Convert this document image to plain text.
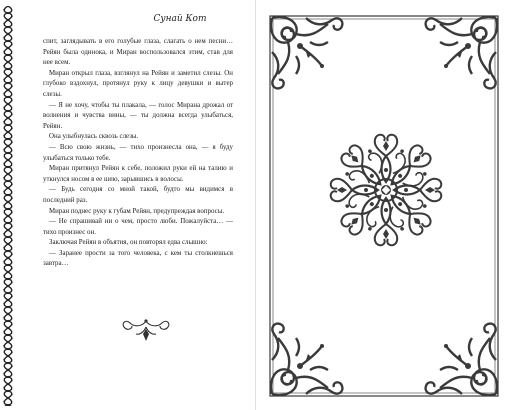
Сунай Кот

спит, заглядывать в его голубые глаза, слагать о нем песни… Рейян была одинока, и Миран воспользовался этим, став для нее всем.

Миран открыл глаза, взглянул на Рейян и заметил слезы. Он глубоко вздохнул, протянул руку к лицу девушки и вытер слезы.

— Я не хочу, чтобы ты плакала, — голос Мирана дрожал от волнения и чувства вины, — ты должна всегда улыбаться, Рейян.

Она улыбнулась сквозь слезы.

— Всю свою жизнь, — тихо произнесла она, — я буду улыбаться только тебе.

Миран притянул Рейян к себе, положил руки ей на талию и уткнулся носом в ее шею, зарывшись в волосы.

— Будь сегодня со мной такой, будто мы видимся в последний раз.

Миран поднес руку к губам Рейян, предупреждая вопросы.

— Не спрашивай ни о чем, просто люби. Пожалуйста… — тихо произнес он.

Заключая Рейян в объятия, он повторял едва слышно:

— Заранее прости за того человека, с кем ты столкнешься завтра…
